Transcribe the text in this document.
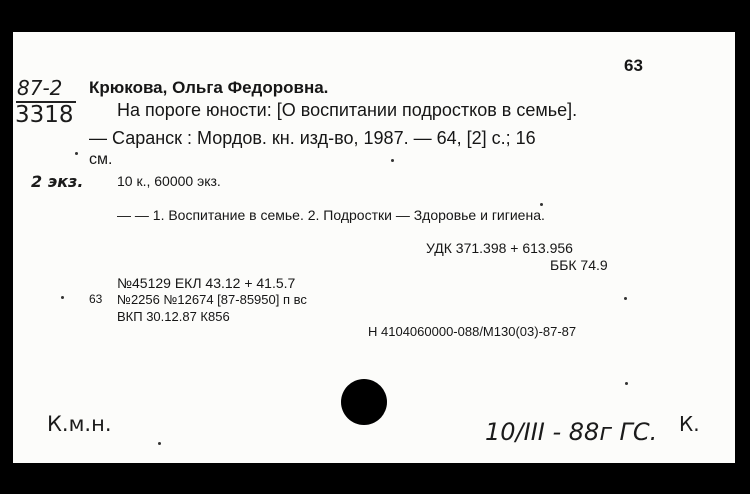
63
87-2
3318
Крюкова, Ольга Федоровна.
На пороге юности: [О воспитании подростков в семье].
— Саранск : Мордов. кн. изд-во, 1987. — 64, [2] с.; 16
см.
2 экз. 10 к., 60000 экз.
— — 1. Воспитание в семье. 2. Подростки — Здоровье и гигиена.
УДК 371.398 + 613.956
ББК 74.9
№45129 ЕКЛ 43.12 + 41.5.7
63 №2256 №12674 [87-85950] п вс
ВКП 30.12.87 К856
Н 4104060000-088/М130(03)-87-87
К.м.н.	10/III - 88г ГС. К.
